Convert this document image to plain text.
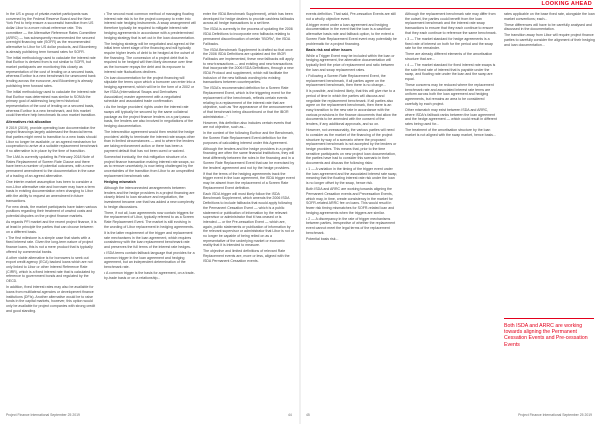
LOOKING AHEAD

In the US a group of private-market participants was convened by the Federal Reserve Board and the New York Fed to help ensure a successful transition from US dollar Libor to a more robust reference rate. This committee — the Alternative Reference Rates Committee (ARRC) — has subsequently recommended the secured overnight financing rate (SOFR) as the recommended alternative to Libor for US dollar products, and Bloomberg is already publishing term forward rates for SOFR.

The initial methodology used to calculate the interest rate that Euribor is derived from is not similar to SOFR, but market participants are monitoring this closely as representation of the cost of lending on a secured basis, whereas Euribor is a new benchmark for unsecured bank lending across the eurozone, and Bloomberg is already publishing term forward rates.

The initial methodology used to calculate the interest rate that Euribor was determined was similar to SONIA the primary goal of addressing long term historical representation of the cost of lending on a secured basis, whereas Euribor is a new benchmark, and this market could therefore help benchmark its own market transition.

Alternatives risk allocation

If 2019 (2019), provide operating loan documentation the project financings largely addressed the financial terms that parties might need to transition to a new basis should Libor no longer be available, or an agreed mechanism for cooperation to arrive at a suitable replacement benchmark if no alternative is in place by the time of transition.

The LMA is currently updating its February 2018 Note of Rates Replacement of Screen Rate Clause and there have been a number of potential outcomes, with a more permanent amendment to the documentation in the case of a trading of an agreed alternative.

One interim market assumption has been to consider a non-Libor alternative rate and borrower may have a term basis in existing documentation when changing to Libor with the ability to request an amendment in future transactions.

For new deals, the market participants have taken various positions regarding their treatment of unwind costs and potential disputes on the project finance markets.

As regards PFI market and the recent project finance, it is at least in principle the parties that can choose between on a different basis.

• The first milestone is a simple case that starts with a fixed interest rate. Given the long-term nature of project finance loans, this is not a mere product that is typically offered by commercial banks.

A other viable alternative is for borrowers to seek out export credit agency (ECA) backed loans which are not only linked to Libor or other Interest Reference Rate (CIRR), which is a fixed interest rate that is calculated by reference to government bonds and regulated by the OECD.

In addition, fixed interest rates may also be available for loans from multilateral agencies or development finance institutions (DFIs). Another alternative would be to raise funds in the capital markets, however, this option would only be available for project companies with strong credit and good standing.

• The second most common method of managing floating interest rate risk is for the project company to enter into interest rate hedging instruments. A swap arrangement will therefore typically be required to mitigate interest rate hedging agreements in accordance with a predetermined hedging strategy that is set out in the loan documentation.

The hedging strategy will be negotiated and agreed at the initial term sheet stage of the financing and will typically require higher levels of debt to be hedged at the outset of the financing. The concession of a project debt that is required to be hedged will then likely decrease over time as the borrower repays the debt and its exposure to interest rate fluctuations declines.

On loan documentation for the project financing will stipulate the terms upon which a borrower can enter into a hedging agreement, which will be in the form of a 2002 or live ISDA (International Swaps and Derivatives Association) master agreement with a negotiated schedule and associated trade confirmation.

• As the hedge providers' rights under the interest rate swaps will typically be secured by the same collateral package as the project finance lenders on a pari passu basis, the lenders are also involved in negotiations of the hedging documentation.

The intercreditor agreement would then restrict the hedge providers' ability to terminate the interest rate swaps other than in limited circumstances — and to where the lenders are taking enforcement action or there has been a payment default that has not been cured or waived.

Somewhat ironically, the risk mitigation structure of a project finance transaction making interest rate swaps, so as to remove uncertainty, is now being challenged by the uncertainties of the transition from Libor to an unspecified replacement benchmark rate.

Hedging mismatch

Although the interconnected arrangements between lenders and the hedge providers in a project financing are closely linked to loan structure and negotiation, the investment became one that has added a new complexity to hedge discussions.

There, if not all, loan agreements now contain triggers for the replacement of Libor, typically referred to as a Screen Rate Replacement Event. The market is still evolving in the wording of Libor replacement in hedging agreements.

It is the latter requirement of the trigger and replacement rate mechanisms in the loan agreement, which requires consistency with the loan replacement benchmark rate and preserves the full terms of the interest rate hedges.

• ISDA terms contain fallback language that provides for a common trigger in the loan agreement and hedging agreement, but an independent determination of the benchmark rate.

• A common trigger is the basis for agreement, on a trade-by-trade basis or on a relationship...

enter the ISDA Benchmark Supplement), which has been developed for hedge dealers to provide cashless fallbacks across all hedge transactions to a set time.

The ISDA is currently in the process of updating the 2006 ISDA Definitions to incorporate new fallbacks relating to permanent discontinuation of certain "IBORs", the ISDA Fallbacks.

The ISDA Benchmark Supplement is drafted so that once the 2006 ISDA Definitions are updated and the IBOR Fallbacks are implemented, these new fallbacks will apply to new transactions — and existing and new transactions that incorporate the 2006 ISDA Definitions, through a new ISDA Protocol and supplement, which will facilitate the inclusion of the new fallback wording into existing transactions between counterparties.

The ISDA's recommended definition for a Screen Rate Replacement Event, which is the triggering event for the replacement of the benchmark, reflects certain events relating to a replacement of the interest rate that are objective, such as "the appearance of the announcement of that benchmark being discontinued or that the IBOR administrator..."

However, this definition also includes certain events that are not objective, such as...

In the context of the following Euribor and the Benchmark, the Screen Rate Replacement Event definition for the purposes of calculating interest under this Agreement.

Although the lenders and the hedge providers in a project financing are often the same financial institutions, they will treat differently between the roles in the financing and in a Screen Rate Replacement Event that can be exercised by the lenders' agreement and not by the hedge providers.

If that the terms of the hedging agreements track the trigger event in the loan agreement, the ISDA trigger event may be absent from the replacement of a Screen Rate Replacement Event definition.

Each ISDA trigger will most likely follow the ISDA Benchmark Supplement, which amends the 2006 ISDA Definitions to include fallbacks that would apply following the Permanent Cessation Event — which is a public statement or publication of information by the relevant supervisor or administrator that it has ceased or is intended — or the Pre-cessation Event — which are, again, public statements or publication of information by the relevant supervisor or administrator that Libor is not or no longer be capable of being relied on as a representative of the underlying market or economic reality that it is intended to measure.

The objective and limited definitions of relevant Rate Replacement events are, more or less, aligned with the ISDA Permanent Cessation events.

events definition. That said, Pre-cessation Events are still not a wholly objective event.

A trigger event under a loan agreement and hedging documentation in the event that the loan is a cashflow alternative basis rate and fallback option, to the extent a Screen Rate Replacement Event event may potentially be problematic for a project financing.

Basis risk and other issues

While a Trigger Event may be included within the loan or hedging agreement, the alternative documentation will typically limit the price of replacement and ratio between the loan and swap replacement rates.

• Following a Screen Rate Replacement Event, the replacement benchmark, if all parties agree on the replacement benchmark, then there is no change...

It is possible, and indeed likely, that this will give rise to a period of time in which the parties will discuss and negotiate the replacement benchmark. If all parties also agree on the replacement benchmark, then there is an easy transition to the new rate in accordance with the various provisions in the finance documents that allow the documents to be amended with the consent of the lenders, if any additional approvals, and so on.

However, not unreasonably, the various parties will need to consider as the market of the financing of the project structure by way of a scenario where the proposed replacement benchmark is not accepted by the lenders or hedge providers. This means that, prior to the time sensitive participants on new project loan documentation, the parties have had to consider this scenario in their documents and discuss the following risks:

• 1 — A variation in the timing of the trigger event under the loan agreement and the associated interest rate swap, meaning that the floating interest rate risk under the loan is no longer offset by the swap, hence risk.

Both ISDA and ARRC are working towards aligning the Permanent Cessation events and Precessation Events, which may, in time, create consistency in the market for SOFR-related ARRC fee on loans. This would result in fewer risk timing mismatches for SOFR-related loan and hedging agreements when the triggers are similar.

• 2 — A discrepancy in the rate of trigger mechanisms between parties, irrespective of whether the replacement event cannot meet the legal terms of the replacement benchmark.

Potential basis risk...

Although the replacement benchmark rate may differ from the outset, the parties could benefit from the loan replacement benchmark and the interest rate swap transactions to ensure that they each continue to ensure that they each continue to reference the same benchmark.

• 3 — The market standard for hedge agreements is a fixed rate of interest on both for the period and the swap rate for the remainder.

There are already different elements of the amortisation structure that are...

• 4 — The market standard for fixed interest rate swaps is the sole fixed rate of interest that is payable under the swap, and floating rate under the loan and the swap are equal.

These concerns may be reduced where the replacement benchmark rate and associated interest rate terms are uniform across both the loan agreement and hedging agreements, but remains an area to be considered carefully by each project.

Other mismatch may exist between ISDA and ARRC, where ISDA's fallback ranks between the loan agreement and the hedge agreement — which could result in different rates being used for...

The treatment of the amortisation structure by the loan market is not aligned with the swap market, hence basis...

rates applicable on the base fixed rate, alongside the loan market conventions; each...

These differences will have to be carefully analysed and discussed in the documentation.

The transition away from Libor will require project finance parties to carefully consider the alignment of their hedging and loan documentation...

Both ISDA and ARRC are working towards aligning the Permanent Cessation Events and Pre-cessation Events
Project Finance International September 25 2019	44	45	Project Finance International September 25 2019
